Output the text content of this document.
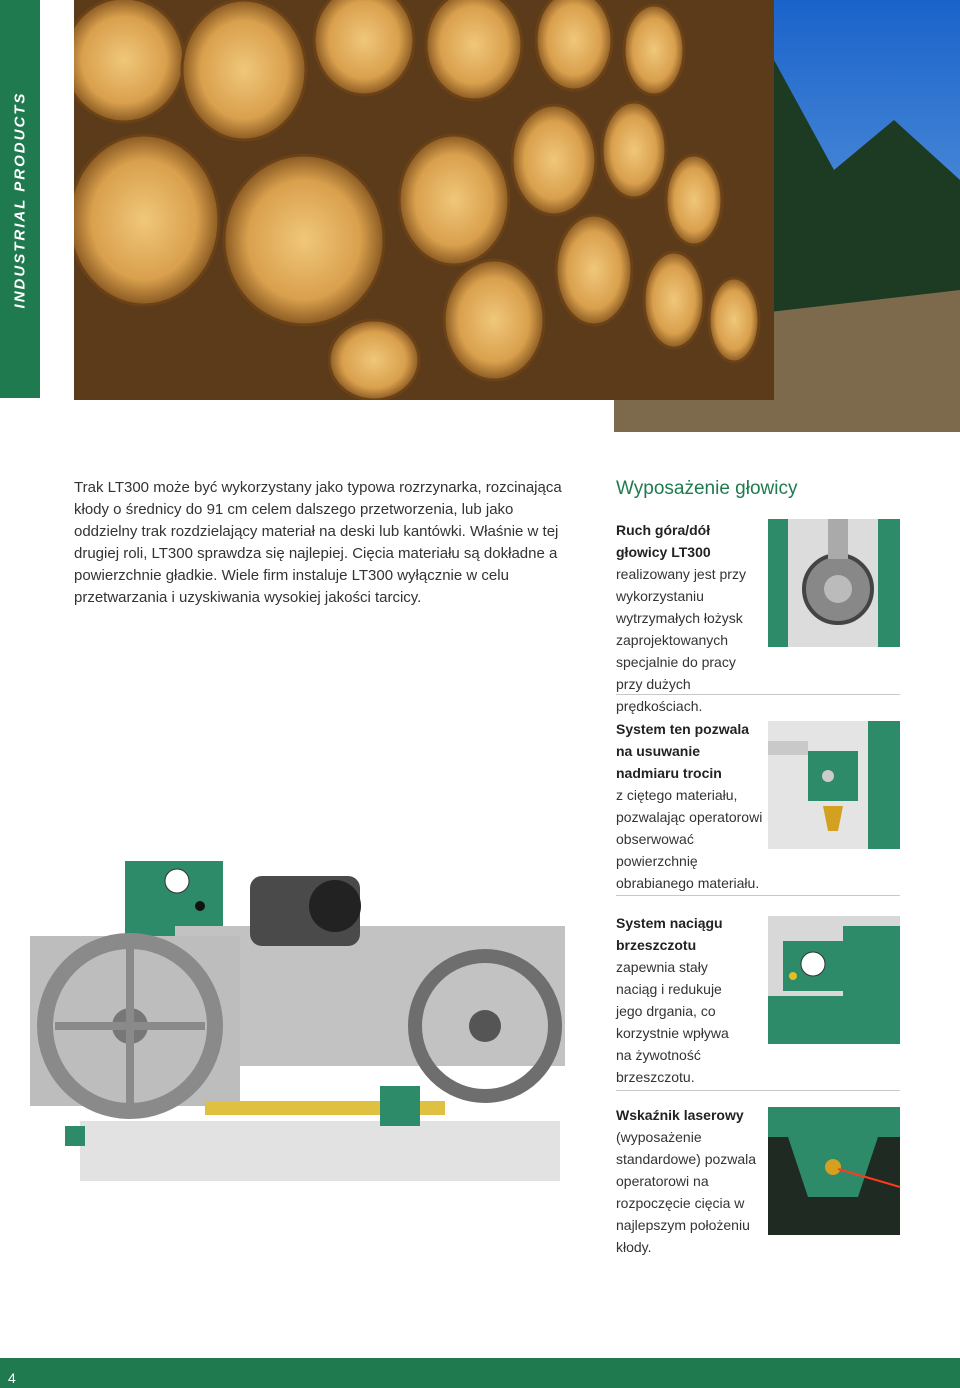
INDUSTRIAL PRODUCTS

Trak LT300 może być wykorzystany jako typowa rozrzynarka, rozcinająca kłody o średnicy do 91 cm celem dalszego przetworzenia, lub jako oddzielny trak rozdzielający materiał na deski lub kantówki. Właśnie w tej drugiej roli, LT300 sprawdza się najlepiej. Cięcia materiału są dokładne a powierzchnie gładkie. Wiele firm instaluje LT300 wyłącznie w celu przetwarzania i uzyskiwania wysokiej jakości tarcicy.

Wyposażenie głowicy
Ruch góra/dół głowicy LT300
realizowany jest przy wykorzystaniu wytrzymałych łożysk zaprojektowanych specjalnie do pracy przy dużych prędkościach.
System ten pozwala na usuwanie nadmiaru trocin
z ciętego materiału, pozwalając operatorowi obserwować powierzchnię obrabianego materiału.
System naciągu brzeszczotu
zapewnia stały naciąg i redukuje jego drgania, co korzystnie wpływa na żywotność brzeszczotu.
Wskaźnik laserowy
(wyposażenie standardowe) pozwala operatorowi na rozpoczęcie cięcia w najlepszym położeniu kłody.
4
